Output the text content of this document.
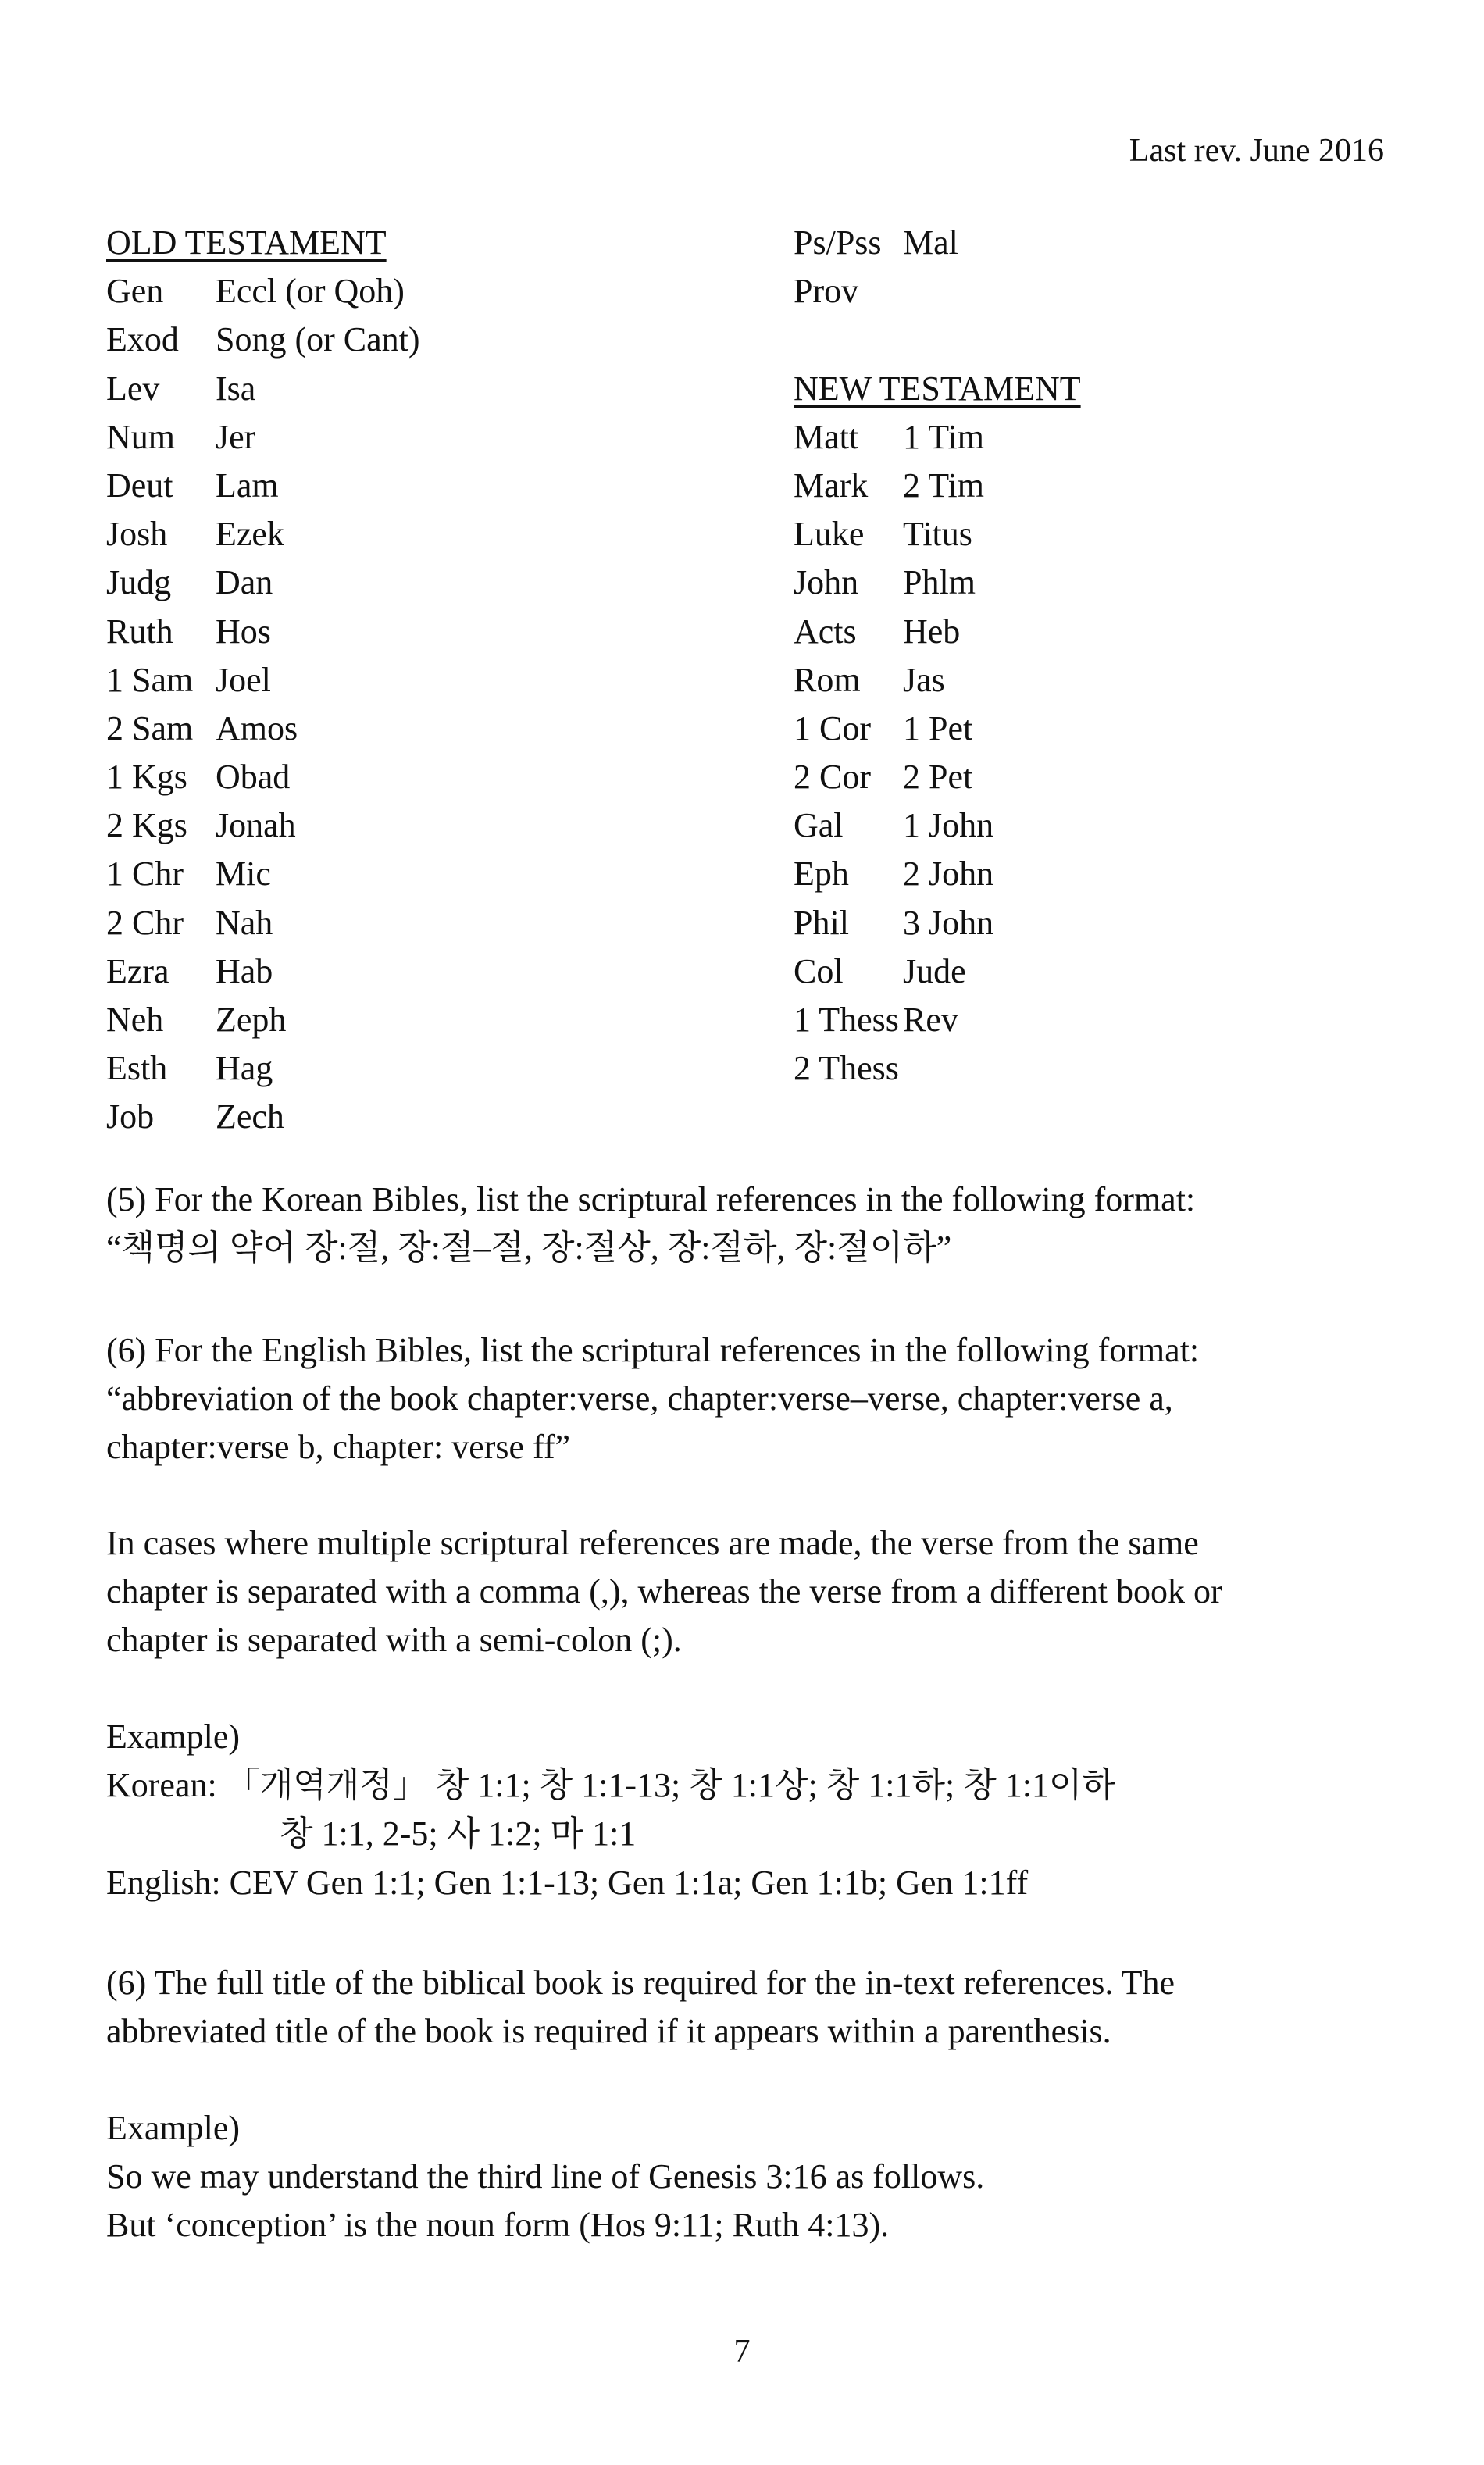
Last rev. June 2016
OLD TESTAMENT
Gen Eccl (or Qoh)
Exod Song (or Cant)
Lev Isa
Num Jer
Deut Lam
Josh Ezek
Judg Dan
Ruth Hos
1 Sam Joel
2 Sam Amos
1 Kgs Obad
2 Kgs Jonah
1 Chr Mic
2 Chr Nah
Ezra Hab
Neh Zeph
Esth Hag
Job Zech
Ps/Pss Mal
Prov
NEW TESTAMENT
Matt 1 Tim
Mark 2 Tim
Luke Titus
John Phlm
Acts Heb
Rom Jas
1 Cor 1 Pet
2 Cor 2 Pet
Gal 1 John
Eph 2 John
Phil 3 John
Col Jude
1 Thess Rev
2 Thess

(5) For the Korean Bibles, list the scriptural references in the following format:

“책명의 약어 장:절, 장:절–절, 장:절상, 장:절하, 장:절이하”

(6) For the English Bibles, list the scriptural references in the following format:

“abbreviation of the book chapter:verse, chapter:verse–verse, chapter:verse a,

chapter:verse b, chapter: verse ff”

In cases where multiple scriptural references are made, the verse from the same

chapter is separated with a comma (,), whereas the verse from a different book or

chapter is separated with a semi-colon (;).

Example)

Korean: 「개역개정」 창 1:1; 창 1:1-13; 창 1:1상; 창 1:1하; 창 1:1이하

창 1:1, 2-5; 사 1:2; 마 1:1

English: CEV Gen 1:1; Gen 1:1-13; Gen 1:1a; Gen 1:1b; Gen 1:1ff

(6) The full title of the biblical book is required for the in-text references. The

abbreviated title of the book is required if it appears within a parenthesis.

Example)

So we may understand the third line of Genesis 3:16 as follows.

But ‘conception’ is the noun form (Hos 9:11; Ruth 4:13).

7
